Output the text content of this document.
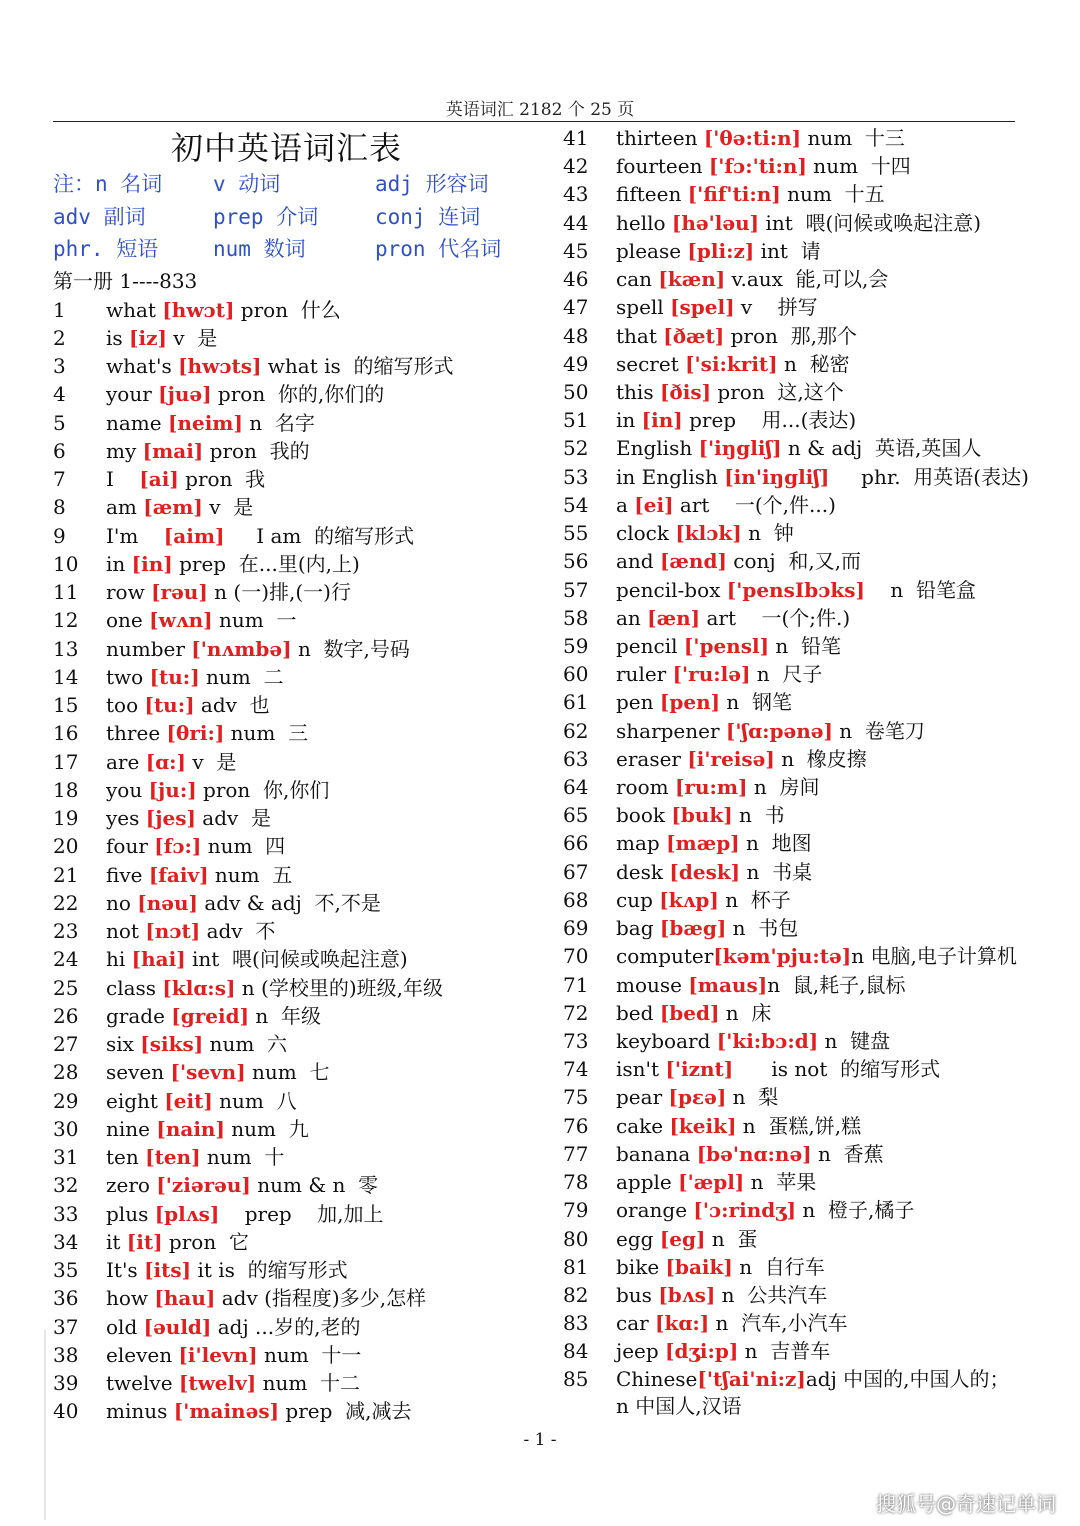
英语词汇 2182 个 25 页
初中英语词汇表
注：n 名词 v 动词	adj 形容词
adv 副词	prep 介词	conj 连词
phr. 短语	num 数词	pron 代名词
第一册 1----833
1	what [hwɔt] pron  什么
2	is [iz] v  是
3	what's [hwɔts] what is  的缩写形式
4	your [juə] pron  你的,你们的
5	name [neim] n  名字
6	my [mai] pron  我的
7	I    [ai] pron  我
8	am [æm] v  是
9	I'm    [aim]     I am  的缩写形式
10	in [in] prep  在...里(内,上)
11	row [rəu] n (一)排,(一)行
12	one [wʌn] num  一
13	number ['nʌmbə] n  数字,号码
14	two [tu:] num  二
15	too [tu:] adv  也
16	three [θri:] num  三
17	are [ɑ:] v  是
18	you [ju:] pron  你,你们
19	yes [jes] adv  是
20	four [fɔ:] num  四
21	five [faiv] num  五
22	no [nəu] adv & adj  不,不是
23	not [nɔt] adv  不
24	hi [hai] int  喂(问候或唤起注意)
25	class [klɑ:s] n (学校里的)班级,年级
26	grade [greid] n  年级
27	six [siks] num  六
28	seven ['sevn] num  七
29	eight [eit] num  八
30	nine [nain] num  九
31	ten [ten] num  十
32	zero ['ziərəu] num & n  零
33	plus [plʌs]    prep    加,加上
34	it [it] pron  它
35	It's [its] it is  的缩写形式
36	how [hau] adv (指程度)多少,怎样
37	old [əuld] adj ...岁的,老的
38	eleven [i'levn] num  十一
39	twelve [twelv] num  十二
40	minus ['mainəs] prep  减,减去
41	thirteen ['θə:ti:n] num  十三
42	fourteen ['fɔ:'ti:n] num  十四
43	fifteen ['fif'ti:n] num  十五
44	hello [hə'ləu] int  喂(问候或唤起注意)
45	please [pli:z] int  请
46	can [kæn] v.aux  能,可以,会
47	spell [spel] v    拼写
48	that [ðæt] pron  那,那个
49	secret ['si:krit] n  秘密
50	this [ðis] pron  这,这个
51	in [in] prep    用...(表达)
52	English ['iŋgliʃ] n & adj  英语,英国人
53	in English [in'iŋgliʃ]     phr.  用英语(表达)
54	a [ei] art    一(个,件...)
55	clock [klɔk] n  钟
56	and [ænd] conj  和,又,而
57	pencil-box ['pensIbɔks]    n  铅笔盒
58	an [æn] art    一(个;件.)
59	pencil ['pensl] n  铅笔
60	ruler ['ru:lə] n  尺子
61	pen [pen] n  钢笔
62	sharpener ['ʃɑ:pənə] n  卷笔刀
63	eraser [i'reisə] n  橡皮擦
64	room [ru:m] n  房间
65	book [buk] n  书
66	map [mæp] n  地图
67	desk [desk] n  书桌
68	cup [kʌp] n  杯子
69	bag [bæg] n  书包
70	computer[kəm'pju:tə]n 电脑,电子计算机
71	mouse [maus]n  鼠,耗子,鼠标
72	bed [bed] n  床
73	keyboard ['ki:bɔ:d] n  键盘
74	isn't ['iznt]      is not  的缩写形式
75	pear [pɛə] n  梨
76	cake [keik] n  蛋糕,饼,糕
77	banana [bə'nɑ:nə] n  香蕉
78	apple ['æpl] n  苹果
79	orange ['ɔ:rindʒ] n  橙子,橘子
80	egg [eg] n  蛋
81	bike [baik] n  自行车
82	bus [bʌs] n  公共汽车
83	car [kɑ:] n  汽车,小汽车
84	jeep [dʒi:p] n  吉普车
85	Chinese['tʃai'ni:z]adj 中国的,中国人的； n 中国人,汉语
- 1 -
搜狐号@奇速记单词
